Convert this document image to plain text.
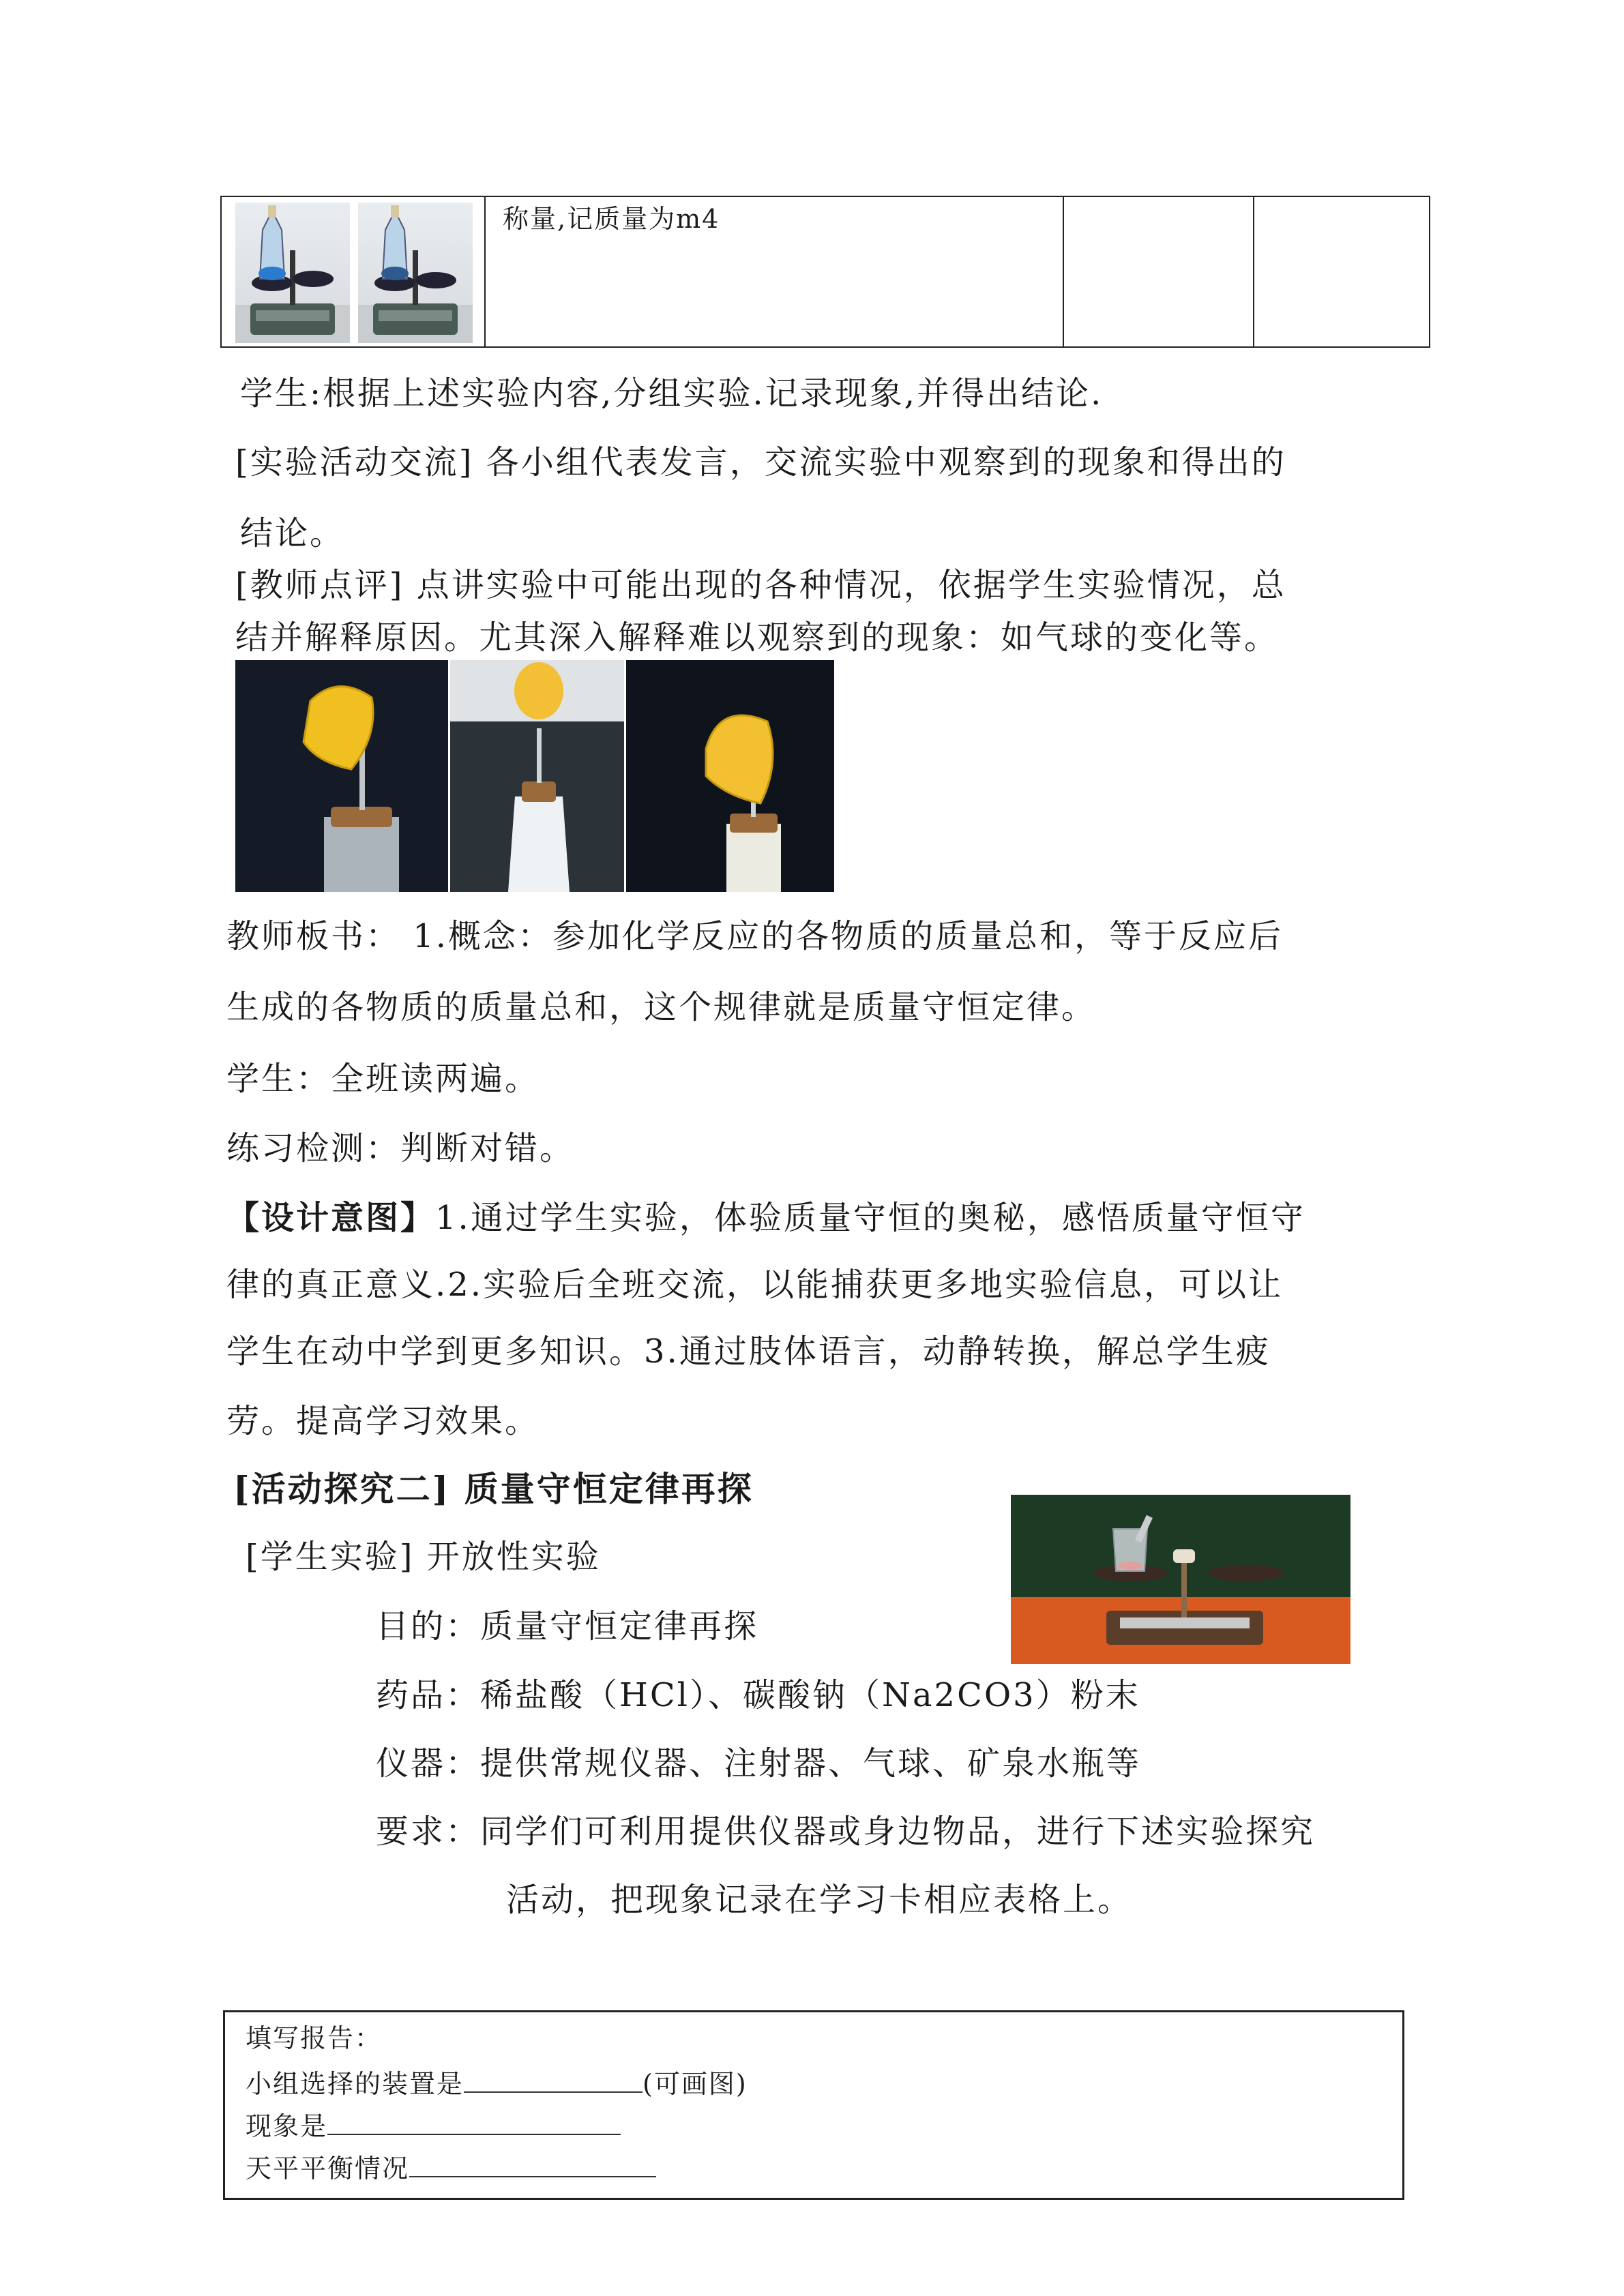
称量,记质量为m4
学生:根据上述实验内容,分组实验.记录现象,并得出结论.
[实验活动交流] 各小组代表发言，交流实验中观察到的现象和得出的
结论。
[教师点评] 点讲实验中可能出现的各种情况，依据学生实验情况，总
结并解释原因。尤其深入解释难以观察到的现象：如气球的变化等。
教师板书： 1.概念：参加化学反应的各物质的质量总和，等于反应后
生成的各物质的质量总和，这个规律就是质量守恒定律。
学生：全班读两遍。
练习检测：判断对错。
【设计意图】1.通过学生实验，体验质量守恒的奥秘，感悟质量守恒守
律的真正意义.2.实验后全班交流，以能捕获更多地实验信息，可以让
学生在动中学到更多知识。3.通过肢体语言，动静转换，解总学生疲
劳。提高学习效果。
[活动探究二] 质量守恒定律再探
[学生实验] 开放性实验
目的：质量守恒定律再探
药品：稀盐酸（HCl）、碳酸钠（Na2CO3）粉末
仪器：提供常规仪器、注射器、气球、矿泉水瓶等
要求：同学们可利用提供仪器或身边物品，进行下述实验探究
活动，把现象记录在学习卡相应表格上。
填写报告：
小组选择的装置是	(可画图)
现象是
天平平衡情况
